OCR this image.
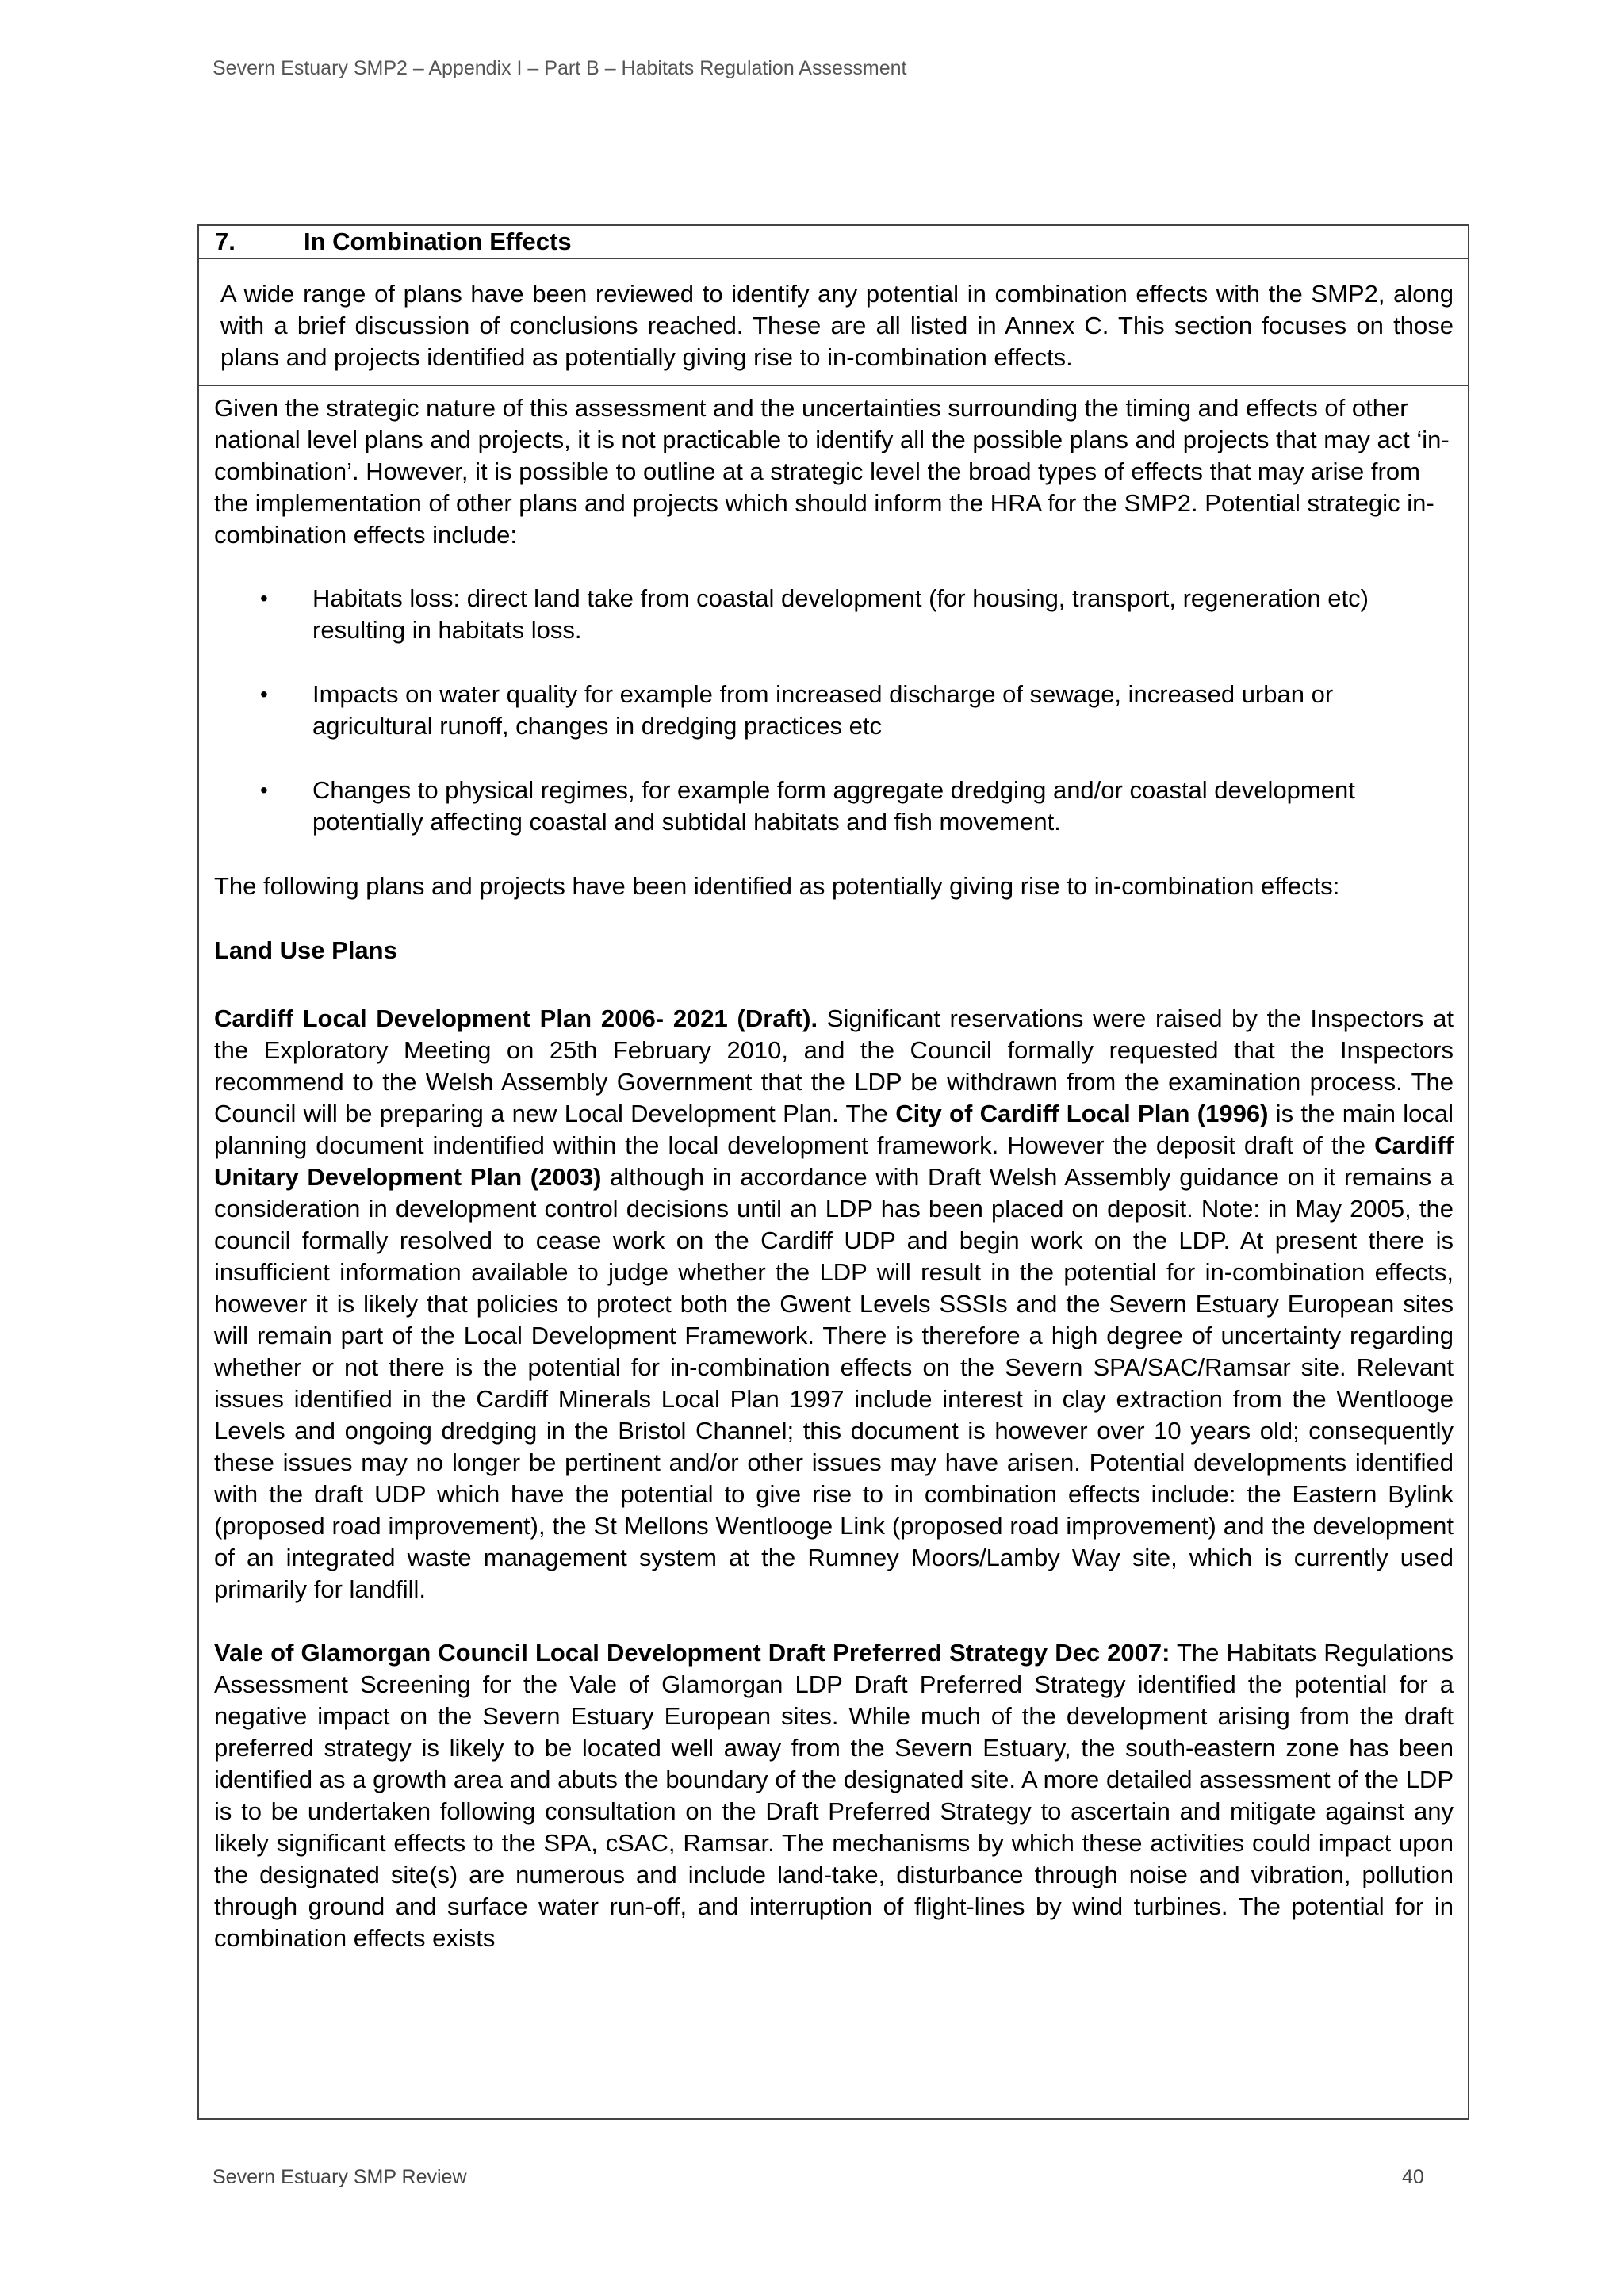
Severn Estuary SMP2 – Appendix I – Part B – Habitats Regulation Assessment
7.	In Combination Effects

A wide range of plans have been reviewed to identify any potential in combination effects with the SMP2, along with a brief discussion of conclusions reached. These are all listed in Annex C. This section focuses on those plans and projects identified as potentially giving rise to in-combination effects.

Given the strategic nature of this assessment and the uncertainties surrounding the timing and effects of other national level plans and projects, it is not practicable to identify all the possible plans and projects that may act ‘in-combination’. However, it is possible to outline at a strategic level the broad types of effects that may arise from the implementation of other plans and projects which should inform the HRA for the SMP2. Potential strategic in-combination effects include:

• Habitats loss: direct land take from coastal development (for housing, transport, regeneration etc) resulting in habitats loss.
• Impacts on water quality for example from increased discharge of sewage, increased urban or agricultural runoff, changes in dredging practices etc
• Changes to physical regimes, for example form aggregate dredging and/or coastal development potentially affecting coastal and subtidal habitats and fish movement.

The following plans and projects have been identified as potentially giving rise to in-combination effects:

Land Use Plans

Cardiff Local Development Plan 2006- 2021 (Draft). Significant reservations were raised by the Inspectors at the Exploratory Meeting on 25th February 2010, and the Council formally requested that the Inspectors recommend to the Welsh Assembly Government that the LDP be withdrawn from the examination process. The Council will be preparing a new Local Development Plan. The City of Cardiff Local Plan (1996) is the main local planning document indentified within the local development framework. However the deposit draft of the Cardiff Unitary Development Plan (2003) although in accordance with Draft Welsh Assembly guidance on it remains a consideration in development control decisions until an LDP has been placed on deposit. Note: in May 2005, the council formally resolved to cease work on the Cardiff UDP and begin work on the LDP. At present there is insufficient information available to judge whether the LDP will result in the potential for in-combination effects, however it is likely that policies to protect both the Gwent Levels SSSIs and the Severn Estuary European sites will remain part of the Local Development Framework. There is therefore a high degree of uncertainty regarding whether or not there is the potential for in-combination effects on the Severn SPA/SAC/Ramsar site. Relevant issues identified in the Cardiff Minerals Local Plan 1997 include interest in clay extraction from the Wentlooge Levels and ongoing dredging in the Bristol Channel; this document is however over 10 years old; consequently these issues may no longer be pertinent and/or other issues may have arisen. Potential developments identified with the draft UDP which have the potential to give rise to in combination effects include: the Eastern Bylink (proposed road improvement), the St Mellons Wentlooge Link (proposed road improvement) and the development of an integrated waste management system at the Rumney Moors/Lamby Way site, which is currently used primarily for landfill.

Vale of Glamorgan Council Local Development Draft Preferred Strategy Dec 2007: The Habitats Regulations Assessment Screening for the Vale of Glamorgan LDP Draft Preferred Strategy identified the potential for a negative impact on the Severn Estuary European sites. While much of the development arising from the draft preferred strategy is likely to be located well away from the Severn Estuary, the south-eastern zone has been identified as a growth area and abuts the boundary of the designated site. A more detailed assessment of the LDP is to be undertaken following consultation on the Draft Preferred Strategy to ascertain and mitigate against any likely significant effects to the SPA, cSAC, Ramsar. The mechanisms by which these activities could impact upon the designated site(s) are numerous and include land-take, disturbance through noise and vibration, pollution through ground and surface water run-off, and interruption of flight-lines by wind turbines. The potential for in combination effects exists

Severn Estuary SMP Review	40
